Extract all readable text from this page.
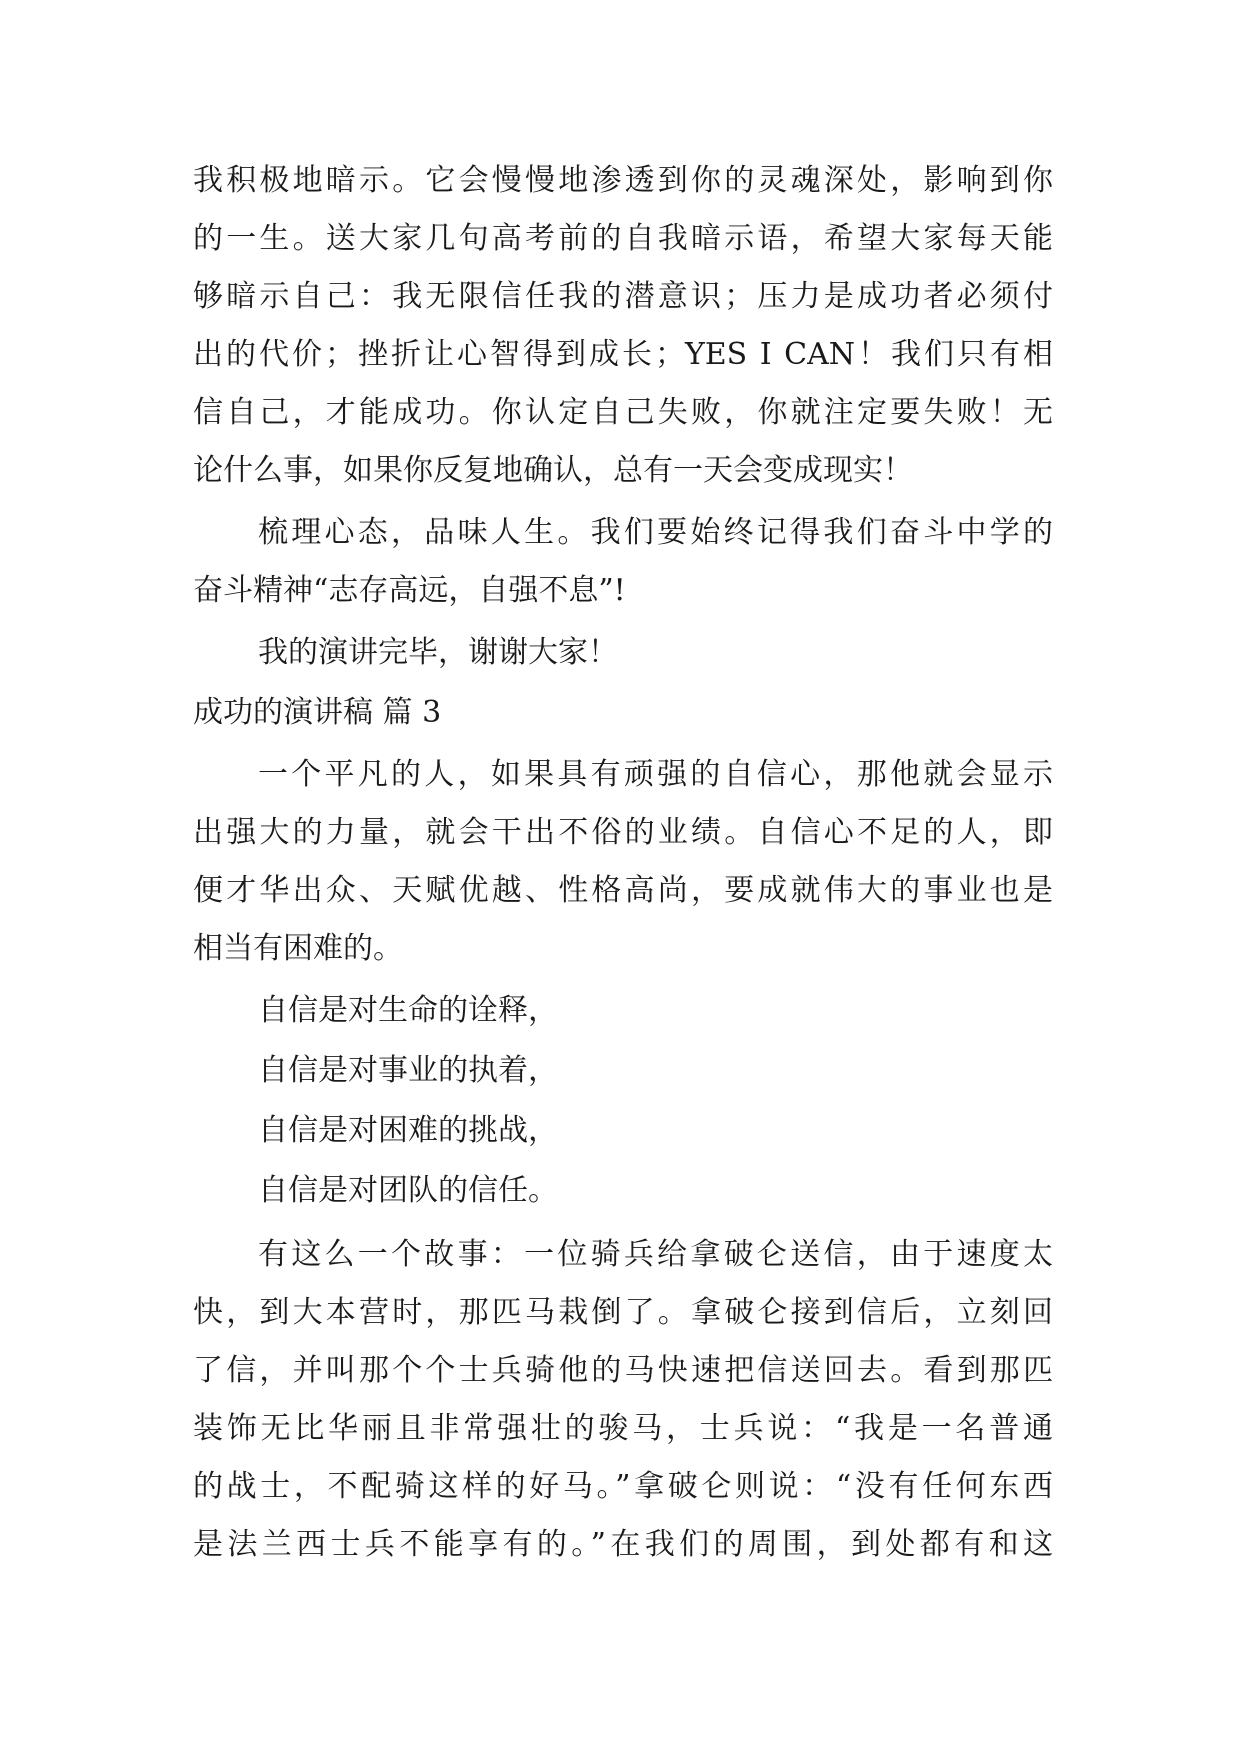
我积极地暗示。它会慢慢地渗透到你的灵魂深处，影响到你
的一生。送大家几句高考前的自我暗示语，希望大家每天能
够暗示自己：我无限信任我的潜意识；压力是成功者必须付
出的代价；挫折让心智得到成长；YES I CAN！我们只有相
信自己，才能成功。你认定自己失败，你就注定要失败！无
论什么事，如果你反复地确认，总有一天会变成现实！
梳理心态，品味人生。我们要始终记得我们奋斗中学的
奋斗精神“志存高远，自强不息”!
我的演讲完毕，谢谢大家！
成功的演讲稿 篇 3
一个平凡的人，如果具有顽强的自信心，那他就会显示
出强大的力量，就会干出不俗的业绩。自信心不足的人，即
便才华出众、天赋优越、性格高尚，要成就伟大的事业也是
相当有困难的。
自信是对生命的诠释，
自信是对事业的执着，
自信是对困难的挑战，
自信是对团队的信任。
有这么一个故事：一位骑兵给拿破仑送信，由于速度太
快，到大本营时，那匹马栽倒了。拿破仑接到信后，立刻回
了信，并叫那个个士兵骑他的马快速把信送回去。看到那匹
装饰无比华丽且非常强壮的骏马，士兵说：“我是一名普通
的战士，不配骑这样的好马。”拿破仑则说：“没有任何东西
是法兰西士兵不能享有的。”在我们的周围，到处都有和这
